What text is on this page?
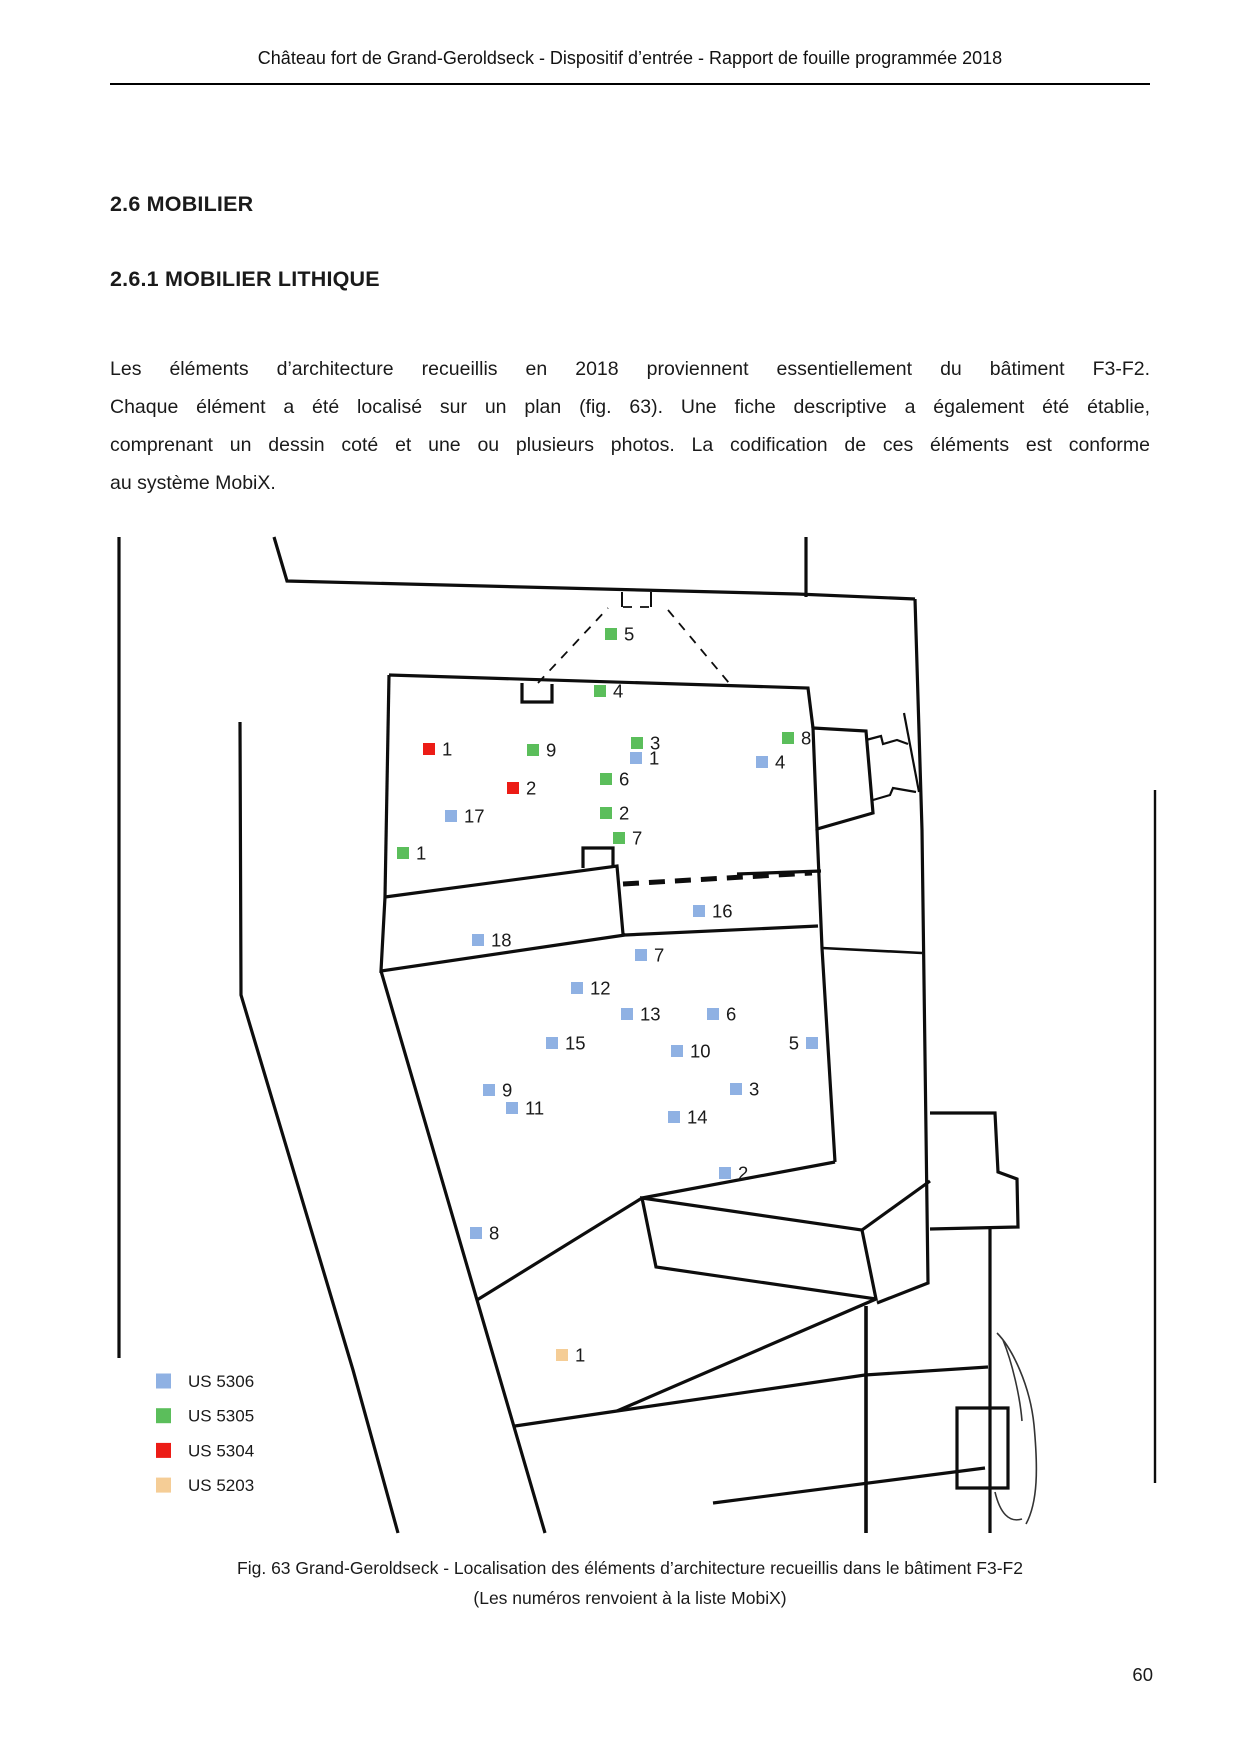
Château fort de Grand-Geroldseck - Dispositif d’entrée - Rapport de fouille programmée 2018
2.6 MOBILIER
2.6.1 MOBILIER LITHIQUE
Les éléments d’architecture recueillis en 2018 proviennent essentiellement du bâtiment F3-F2.
Chaque élément a été localisé sur un plan (fig. 63). Une fiche descriptive a également été établie,
comprenant un dessin coté et une ou plusieurs photos. La codification de ces éléments est conforme
au système MobiX.
5
4
3
9
8
6
2
7
1
1
2
1	4
17
16
18
7
12
13	6
15	10	5
3
9
11	14
2
8
1
US 5306
US 5305
US 5304
US 5203
Fig. 63 Grand-Geroldseck - Localisation des éléments d’architecture recueillis dans le bâtiment F3-F2
(Les numéros renvoient à la liste MobiX)
60
